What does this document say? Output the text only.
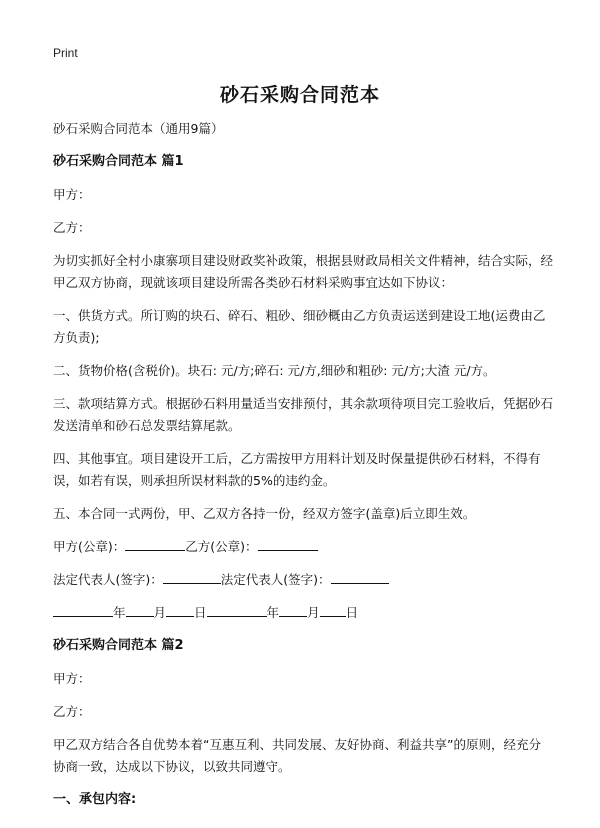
Print
砂石采购合同范本

砂石采购合同范本（通用9篇）

砂石采购合同范本 篇1

甲方：

乙方：

为切实抓好全村小康寨项目建设财政奖补政策，根据县财政局相关文件精神，结合实际，经甲乙双方协商，现就该项目建设所需各类砂石材料采购事宜达如下协议：

一、供货方式。所订购的块石、碎石、粗砂、细砂概由乙方负责运送到建设工地(运费由乙方负责);

二、货物价格(含税价)。块石: 元/方;碎石: 元/方,细砂和粗砂: 元/方;大渣 元/方。

三、款项结算方式。根据砂石料用量适当安排预付，其余款项待项目完工验收后，凭据砂石发送清单和砂石总发票结算尾款。

四、其他事宜。项目建设开工后，乙方需按甲方用料计划及时保量提供砂石材料，不得有误，如若有误，则承担所误材料款的5%的违约金。

五、本合同一式两份，甲、乙双方各持一份，经双方签字(盖章)后立即生效。

甲方(公章)：	乙方(公章)：
法定代表人(签字)：	法定代表人(签字)：
年 月 日	年 月 日

砂石采购合同范本 篇2

甲方：

乙方：

甲乙双方结合各自优势本着“互惠互利、共同发展、友好协商、利益共享”的原则，经充分协商一致，达成以下协议，以致共同遵守。

一、承包内容:
